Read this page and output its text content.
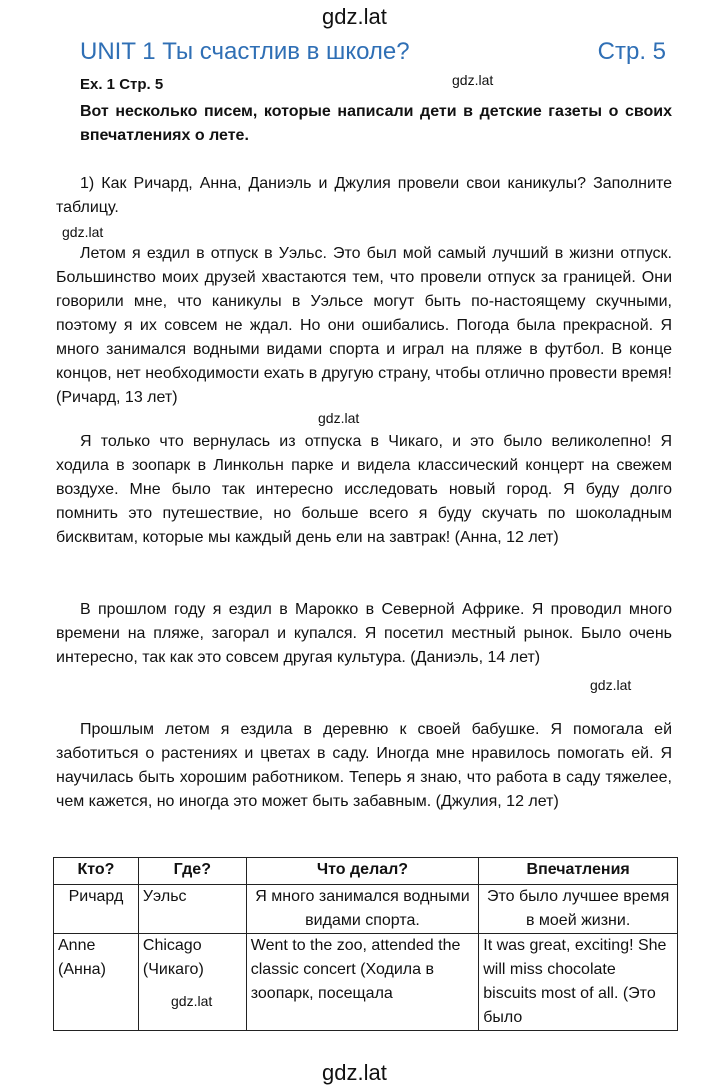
gdz.lat
gdz.lat
gdz.lat
gdz.lat
gdz.lat
gdz.lat
gdz.lat
UNIT 1 Ты счастлив в школе?	Стр. 5
Ex. 1 Стр. 5
Вот несколько писем, которые написали дети в детские газеты о своих впечатлениях о лете.
1) Как Ричард, Анна, Даниэль и Джулия провели свои каникулы? Заполните таблицу.
Летом я ездил в отпуск в Уэльс. Это был мой самый лучший в жизни отпуск. Большинство моих друзей хвастаются тем, что провели отпуск за границей. Они говорили мне, что каникулы в Уэльсе могут быть по-настоящему скучными, поэтому я их совсем не ждал. Но они ошибались. Погода была прекрасной. Я много занимался водными видами спорта и играл на пляже в футбол. В конце концов, нет необходимости ехать в другую страну, чтобы отлично провести время! (Ричард, 13 лет)
Я только что вернулась из отпуска в Чикаго, и это было великолепно! Я ходила в зоопарк в Линкольн парке и видела классический концерт на свежем воздухе. Мне было так интересно исследовать новый город. Я буду долго помнить это путешествие, но больше всего я буду скучать по шоколадным бисквитам, которые мы каждый день ели на завтрак! (Анна, 12 лет)
В прошлом году я ездил в Марокко в Северной Африке. Я проводил много времени на пляже, загорал и купался. Я посетил местный рынок. Было очень интересно, так как это совсем другая культура. (Даниэль, 14 лет)
Прошлым летом я ездила в деревню к своей бабушке. Я помогала ей заботиться о растениях и цветах в саду. Иногда мне нравилось помогать ей. Я научилась быть хорошим работником. Теперь я знаю, что работа в саду тяжелее, чем кажется, но иногда это может быть забавным. (Джулия, 12 лет)
Кто?	Где?	Что делал?	Впечатления
Ричард	Уэльс	Я много занимался водными видами спорта.	Это было лучшее время в моей жизни.
Anne (Анна)	Chicago (Чикаго)	Went to the zoo, attended the classic concert (Ходила в зоопарк, посещала	It was great, exciting! She will miss chocolate biscuits most of all. (Это было
